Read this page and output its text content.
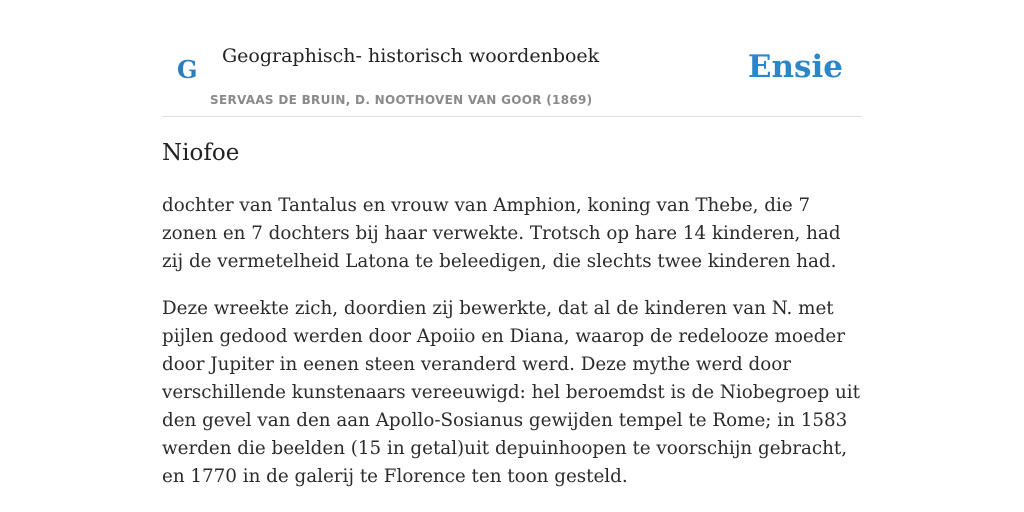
G Geographisch- historisch woordenboek
SERVAAS DE BRUIN, D. NOOTHOVEN VAN GOOR (1869)
Ensie
Niofoe

dochter van Tantalus en vrouw van Amphion, koning van Thebe, die 7 zonen en 7 dochters bij haar verwekte. Trotsch op hare 14 kinderen, had zij de vermetelheid Latona te beleedigen, die slechts twee kinderen had.

Deze wreekte zich, doordien zij bewerkte, dat al de kinderen van N. met pijlen gedood werden door Apoiio en Diana, waarop de redelooze moeder door Jupiter in eenen steen veranderd werd. Deze mythe werd door verschillende kunstenaars vereeuwigd: hel beroemdst is de Niobegroep uit den gevel van den aan Apollo-Sosianus gewijden tempel te Rome; in 1583 werden die beelden (15 in getal)uit depuinhoopen te voorschijn gebracht, en 1770 in de galerij te Florence ten toon gesteld.
